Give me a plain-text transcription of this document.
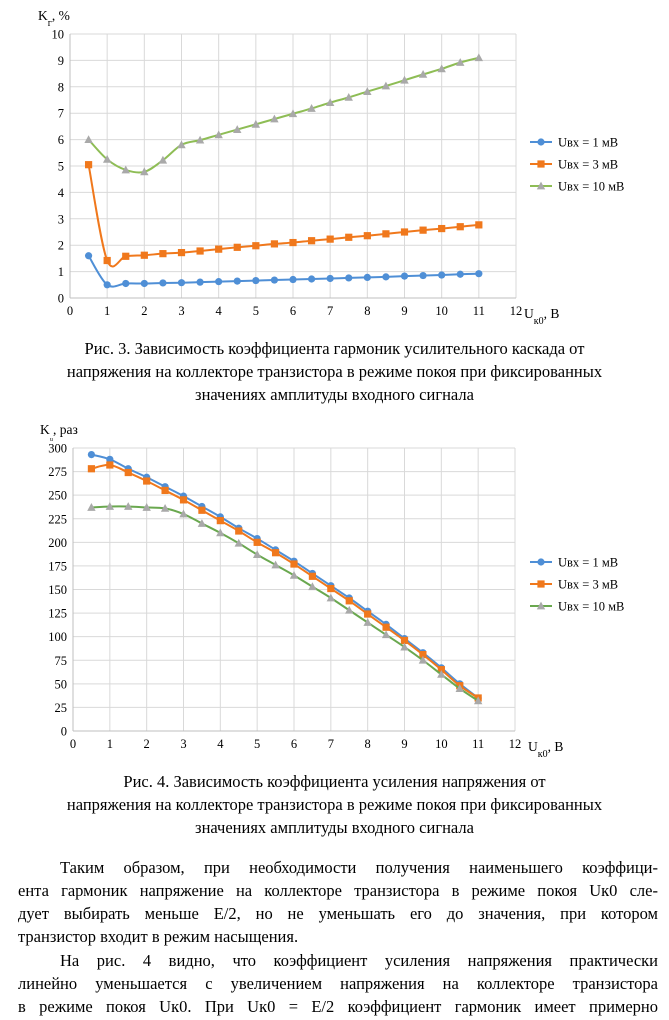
0
1
2
3
4
5
6
7
8
9
10
0 1 2 3 4 5 6 7 8 9 10 11 12
$K_г$, %
$U_{к0}$, B
Uвх = 1 мВ
Uвх = 3 мВ
Uвх = 10 мВ
Рис. 3. Зависимость коэффициента гармоник усилительного каскада от
напряжения на коллекторе транзистора в режиме покоя при фиксированных
значениях амплитуды входного сигнала
0
25
50
75
100
125
150
175
200
225
250
275
300
0 1 2 3 4 5 6 7 8 9 10 11 12
$K_ᵤ$, раз
$U_{к0}$, B
Uвх = 1 мВ
Uвх = 3 мВ
Uвх = 10 мВ
Рис. 4. Зависимость коэффициента усиления напряжения от
напряжения на коллекторе транзистора в режиме покоя при фиксированных
значениях амплитуды входного сигнала
Таким образом, при необходимости получения наименьшего коэффици-
ента гармоник напряжение на коллекторе транзистора в режиме покоя Uк0 сле-
дует выбирать меньше E/2, но не уменьшать его до значения, при котором
транзистор входит в режим насыщения.
На рис. 4 видно, что коэффициент усиления напряжения практически
линейно уменьшается с увеличением напряжения на коллекторе транзистора
в режиме покоя Uк0. При Uк0 = E/2 коэффициент гармоник имеет примерно
